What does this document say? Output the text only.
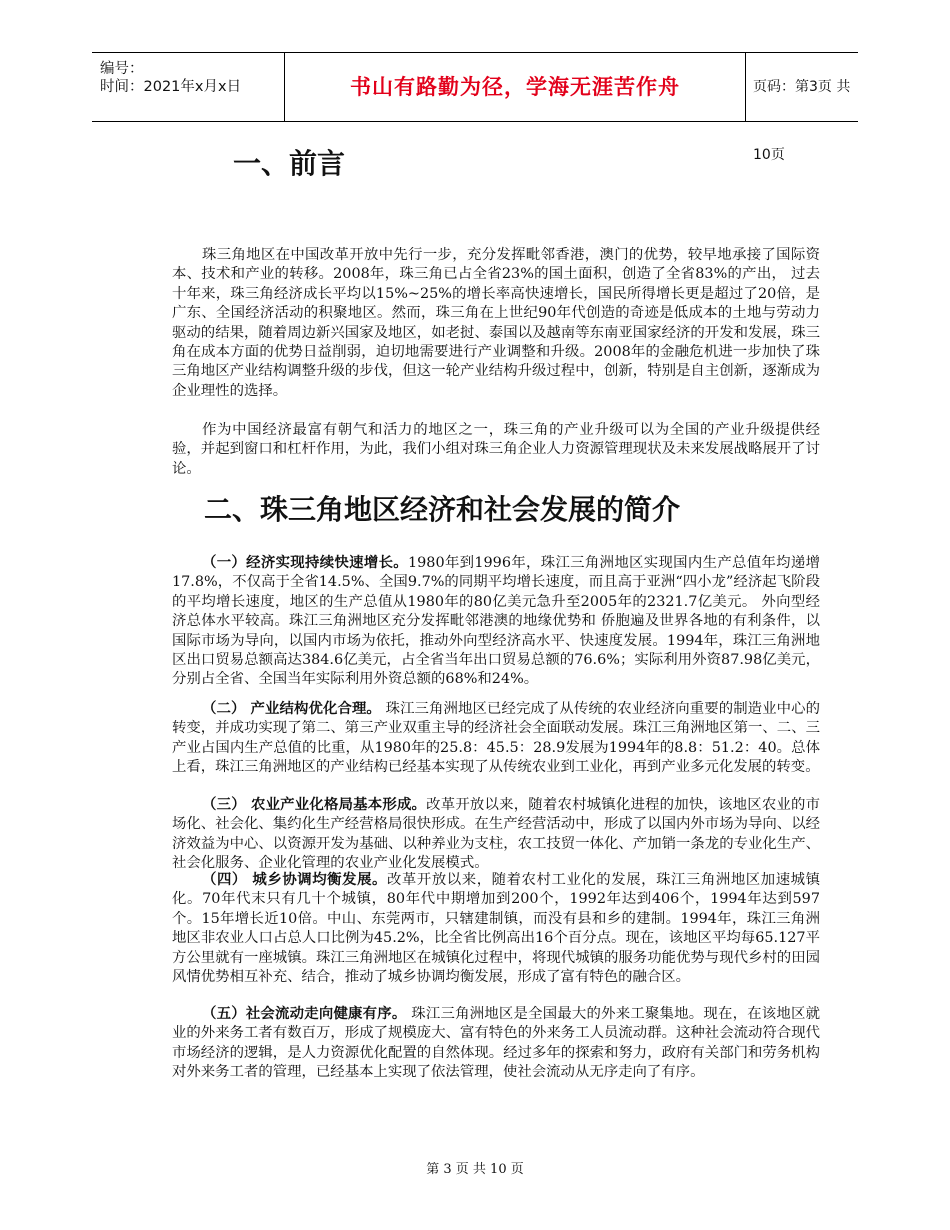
编号：
时间：2021年x月x日	书山有路勤为径，学海无涯苦作舟	页码：第3页 共10页
一、前言

珠三角地区在中国改革开放中先行一步，充分发挥毗邻香港，澳门的优势，较早地承接了国际资本、技术和产业的转移。2008年，珠三角已占全省23%的国土面积，创造了全省83%的产出， 过去十年来，珠三角经济成长平均以15%~25%的增长率高快速增长，国民所得增长更是超过了20倍，是广东、全国经济活动的积聚地区。然而，珠三角在上世纪90年代创造的奇迹是低成本的土地与劳动力驱动的结果，随着周边新兴国家及地区，如老挝、泰国以及越南等东南亚国家经济的开发和发展，珠三角在成本方面的优势日益削弱，迫切地需要进行产业调整和升级。2008年的金融危机进一步加快了珠三角地区产业结构调整升级的步伐，但这一轮产业结构升级过程中，创新，特别是自主创新，逐渐成为企业理性的选择。

作为中国经济最富有朝气和活力的地区之一，珠三角的产业升级可以为全国的产业升级提供经验，并起到窗口和杠杆作用，为此，我们小组对珠三角企业人力资源管理现状及未来发展战略展开了讨论。

二、珠三角地区经济和社会发展的简介

（一）经济实现持续快速增长。1980年到1996年，珠江三角洲地区实现国内生产总值年均递增17.8%，不仅高于全省14.5%、全国9.7%的同期平均增长速度，而且高于亚洲“四小龙”经济起飞阶段的平均增长速度，地区的生产总值从1980年的80亿美元急升至2005年的2321.7亿美元。 外向型经济总体水平较高。珠江三角洲地区充分发挥毗邻港澳的地缘优势和 侨胞遍及世界各地的有利条件，以国际市场为导向，以国内市场为依托，推动外向型经济高水平、快速度发展。1994年，珠江三角洲地区出口贸易总额高达384.6亿美元，占全省当年出口贸易总额的76.6%；实际利用外资87.98亿美元，分别占全省、全国当年实际利用外资总额的68%和24%。

（二） 产业结构优化合理。 珠江三角洲地区已经完成了从传统的农业经济向重要的制造业中心的转变，并成功实现了第二、第三产业双重主导的经济社会全面联动发展。珠江三角洲地区第一、二、三产业占国内生产总值的比重，从1980年的25.8：45.5：28.9发展为1994年的8.8：51.2：40。总体上看，珠江三角洲地区的产业结构已经基本实现了从传统农业到工业化，再到产业多元化发展的转变。

（三） 农业产业化格局基本形成。改革开放以来，随着农村城镇化进程的加快，该地区农业的市场化、社会化、集约化生产经营格局很快形成。在生产经营活动中，形成了以国内外市场为导向、以经济效益为中心、以资源开发为基础、以种养业为支柱，农工技贸一体化、产加销一条龙的专业化生产、社会化服务、企业化管理的农业产业化发展模式。

（四） 城乡协调均衡发展。改革开放以来，随着农村工业化的发展，珠江三角洲地区加速城镇化。70年代末只有几十个城镇，80年代中期增加到200个，1992年达到406个，1994年达到597个。15年增长近10倍。中山、东莞两市，只辖建制镇，而没有县和乡的建制。1994年，珠江三角洲地区非农业人口占总人口比例为45.2%，比全省比例高出16个百分点。现在，该地区平均每65.127平方公里就有一座城镇。珠江三角洲地区在城镇化过程中，将现代城镇的服务功能优势与现代乡村的田园风情优势相互补充、结合，推动了城乡协调均衡发展，形成了富有特色的融合区。

（五）社会流动走向健康有序。 珠江三角洲地区是全国最大的外来工聚集地。现在，在该地区就业的外来务工者有数百万，形成了规模庞大、富有特色的外来务工人员流动群。这种社会流动符合现代市场经济的逻辑，是人力资源优化配置的自然体现。经过多年的探索和努力，政府有关部门和劳务机构对外来务工者的管理，已经基本上实现了依法管理，使社会流动从无序走向了有序。

第 3 页 共 10 页
